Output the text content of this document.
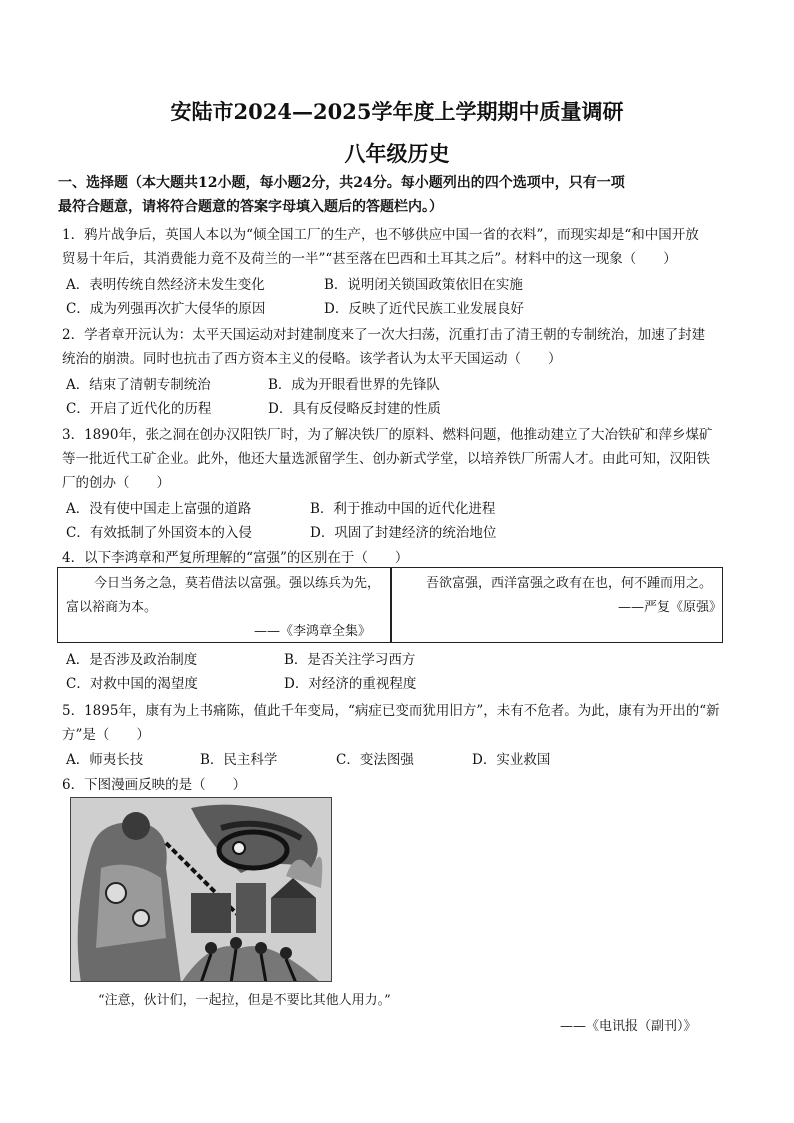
安陆市2024—2025学年度上学期期中质量调研
八年级历史
一、选择题（本大题共12小题，每小题2分，共24分。每小题列出的四个选项中，只有一项
最符合题意，请将符合题意的答案字母填入题后的答题栏内。）
1．鸦片战争后，英国人本以为“倾全国工厂的生产，也不够供应中国一省的衣料”，而现实却是“和中国开放
贸易十年后，其消费能力竟不及荷兰的一半”“甚至落在巴西和土耳其之后”。材料中的这一现象（　　）
A．表明传统自然经济未发生变化	B．说明闭关锁国政策依旧在实施
C．成为列强再次扩大侵华的原因	D．反映了近代民族工业发展良好
2．学者章开沅认为：太平天国运动对封建制度来了一次大扫荡，沉重打击了清王朝的专制统治，加速了封建
统治的崩溃。同时也抗击了西方资本主义的侵略。该学者认为太平天国运动（　　）
A．结束了清朝专制统治	B．成为开眼看世界的先锋队
C．开启了近代化的历程	D．具有反侵略反封建的性质
3．1890年，张之洞在创办汉阳铁厂时，为了解决铁厂的原料、燃料问题，他推动建立了大冶铁矿和萍乡煤矿
等一批近代工矿企业。此外，他还大量选派留学生、创办新式学堂，以培养铁厂所需人才。由此可知，汉阳铁
厂的创办（　　）
A．没有使中国走上富强的道路	B．利于推动中国的近代化进程
C．有效抵制了外国资本的入侵	D．巩固了封建经济的统治地位
4．以下李鸿章和严复所理解的“富强”的区别在于（　　）
今日当务之急，莫若借法以富强。强以练兵为先，
富以裕商为本。
——《李鸿章全集》
吾欲富强，西洋富强之政有在也，何不踵而用之。
——严复《原强》
A．是否涉及政治制度	B．是否关注学习西方
C．对救中国的渴望度	D．对经济的重视程度
5．1895年，康有为上书痛陈，值此千年变局，“病症已变而犹用旧方”，未有不危者。为此，康有为开出的“新
方”是（　　）
A．师夷长技	B．民主科学	C．变法图强	D．实业救国
6．下图漫画反映的是（　　）
“注意，伙计们，一起拉，但是不要比其他人用力。”
——《电讯报（副刊）》
